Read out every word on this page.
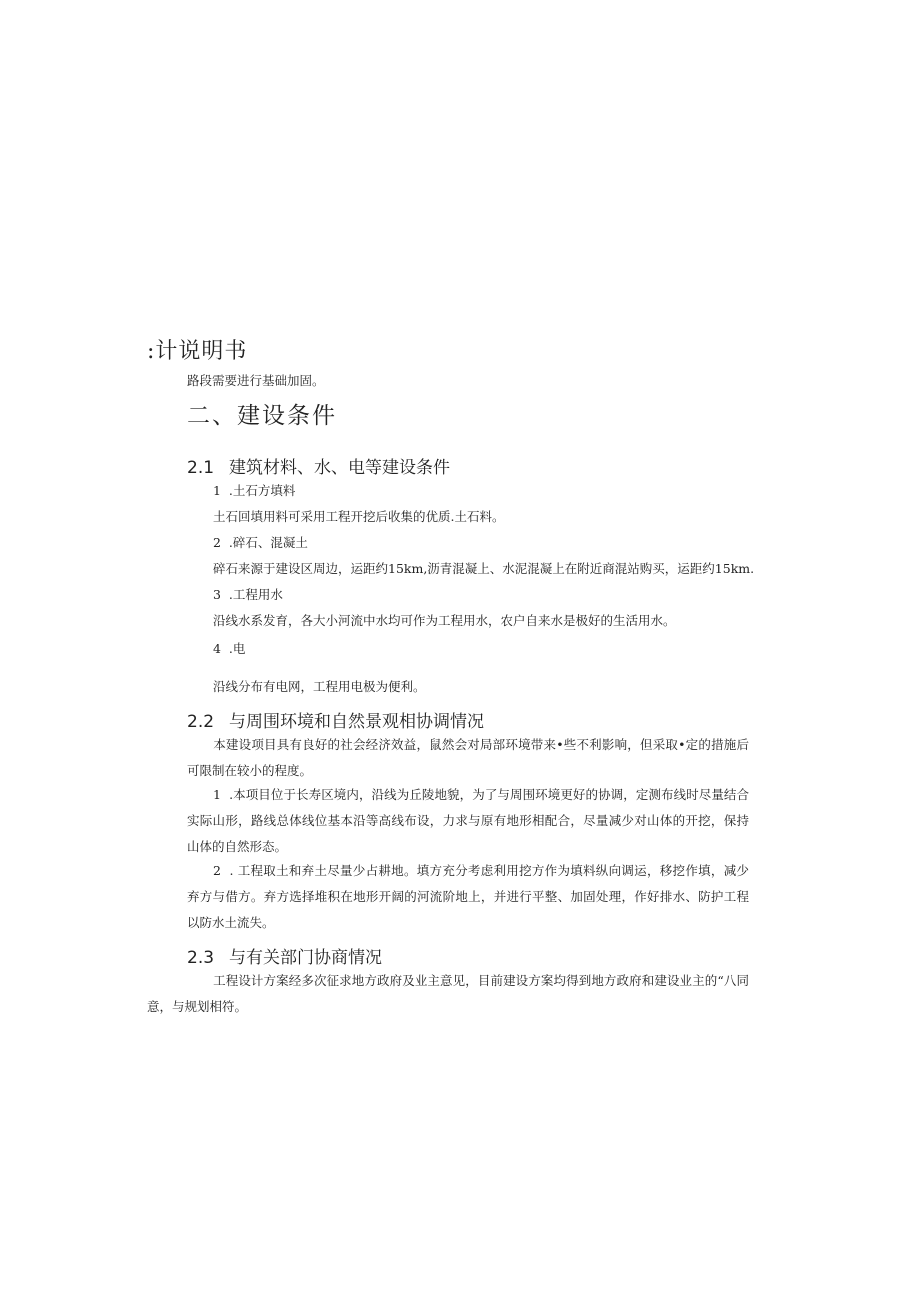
:计说明书
路段需要进行基础加固。
二、建设条件
2.1 建筑材料、水、电等建设条件
1  .土石方填料
土石回填用料可采用工程开挖后收集的优质.土石料。
2  .碎石、混凝土
碎石来源于建设区周边，运距约15km,沥青混凝上、水泥混凝上在附近商混站购买，运距约15km.
3  .工程用水
沿线水系发育，各大小河流中水均可作为工程用水，农户自来水是极好的生活用水。
4  .电
沿线分布有电网，工程用电极为便利。
2.2 与周围环境和自然景观相协调情况
本建设项目具有良好的社会经济效益，鼠然会对局部环境带来•些不利影响，但采取•定的措施后可限制在较小的程度。
1  .本项目位于长寿区境内，沿线为丘陵地貌，为了与周围环境更好的协调，定测布线时尽量结合实际山形，路线总体线位基本沿等高线布设，力求与原有地形相配合，尽量减少对山体的开挖，保持山体的自然形态。
2  . 工程取土和弃土尽量少占耕地。填方充分考虑利用挖方作为填料纵向调运，移挖作填，减少弃方与借方。弃方选择堆积在地形开阔的河流阶地上，并进行平整、加固处理，作好排水、防护工程以防水土流失。
2.3 与有关部门协商情况
工程设计方案经多次征求地方政府及业主意见，目前建设方案均得到地方政府和建设业主的“八同意，与规划相符。
